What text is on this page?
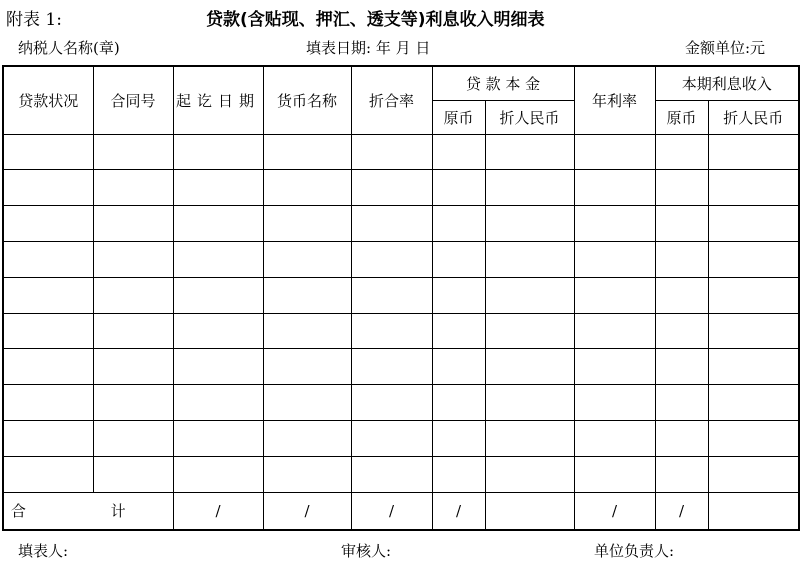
附表 1:	贷款(含贴现、押汇、透支等)利息收入明细表
纳税人名称(章)	填表日期: 年 月 日	金额单位:元
贷款状况	合同号	起讫日期	货币名称	折合率	贷 款 本 金		年利率	本期利息收入	
					原币	折人民币		原币	折人民币

合 计		/	/	/	/		/	/	
填表人:	审核人:	单位负责人:
